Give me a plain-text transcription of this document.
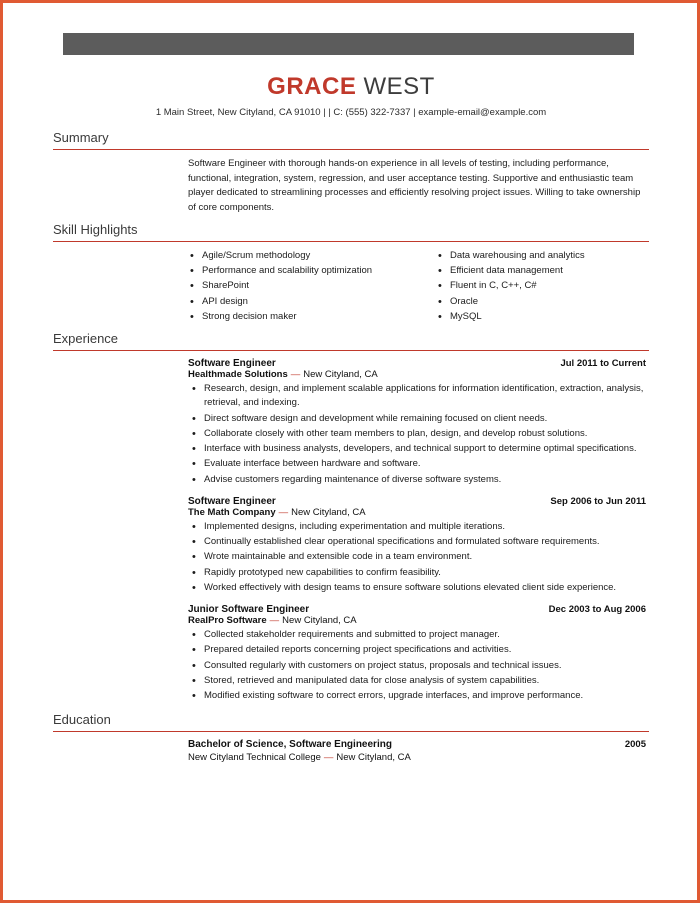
GRACE WEST
1 Main Street, New Cityland, CA 91010 | | C: (555) 322-7337 | example-email@example.com
Summary
Software Engineer with thorough hands-on experience in all levels of testing, including performance, functional, integration, system, regression, and user acceptance testing. Supportive and enthusiastic team player dedicated to streamlining processes and efficiently resolving project issues. Willing to take ownership of core components.
Skill Highlights
• Agile/Scrum methodology
• Performance and scalability optimization
• SharePoint
• API design
• Strong decision maker
• Data warehousing and analytics
• Efficient data management
• Fluent in C, C++, C#
• Oracle
• MySQL
Experience
Software Engineer	Jul 2011 to Current
Healthmade Solutions — New Cityland, CA
• Research, design, and implement scalable applications for information identification, extraction, analysis, retrieval, and indexing.
• Direct software design and development while remaining focused on client needs.
• Collaborate closely with other team members to plan, design, and develop robust solutions.
• Interface with business analysts, developers, and technical support to determine optimal specifications.
• Evaluate interface between hardware and software.
• Advise customers regarding maintenance of diverse software systems.
Software Engineer	Sep 2006 to Jun 2011
The Math Company — New Cityland, CA
• Implemented designs, including experimentation and multiple iterations.
• Continually established clear operational specifications and formulated software requirements.
• Wrote maintainable and extensible code in a team environment.
• Rapidly prototyped new capabilities to confirm feasibility.
• Worked effectively with design teams to ensure software solutions elevated client side experience.
Junior Software Engineer	Dec 2003 to Aug 2006
RealPro Software — New Cityland, CA
• Collected stakeholder requirements and submitted to project manager.
• Prepared detailed reports concerning project specifications and activities.
• Consulted regularly with customers on project status, proposals and technical issues.
• Stored, retrieved and manipulated data for close analysis of system capabilities.
• Modified existing software to correct errors, upgrade interfaces, and improve performance.
Education
Bachelor of Science, Software Engineering	2005
New Cityland Technical College — New Cityland, CA
